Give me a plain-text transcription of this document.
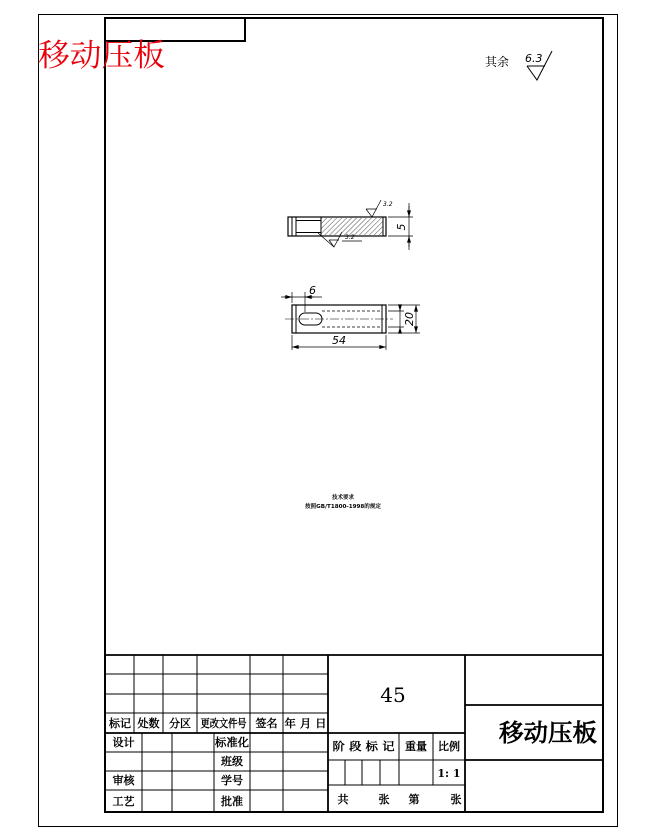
移动压板	其余 6.3
3.2
3.2
5
6
54
20
技术要求
按照GB/T1800-1998的规定
标记 处数 分区 更改文件号 签名 年 月 日
设计	标准化
班级
审核	学号
工艺	批准
45
阶 段 标 记	重量 比例
1: 1
共	张 第	张
移动压板
